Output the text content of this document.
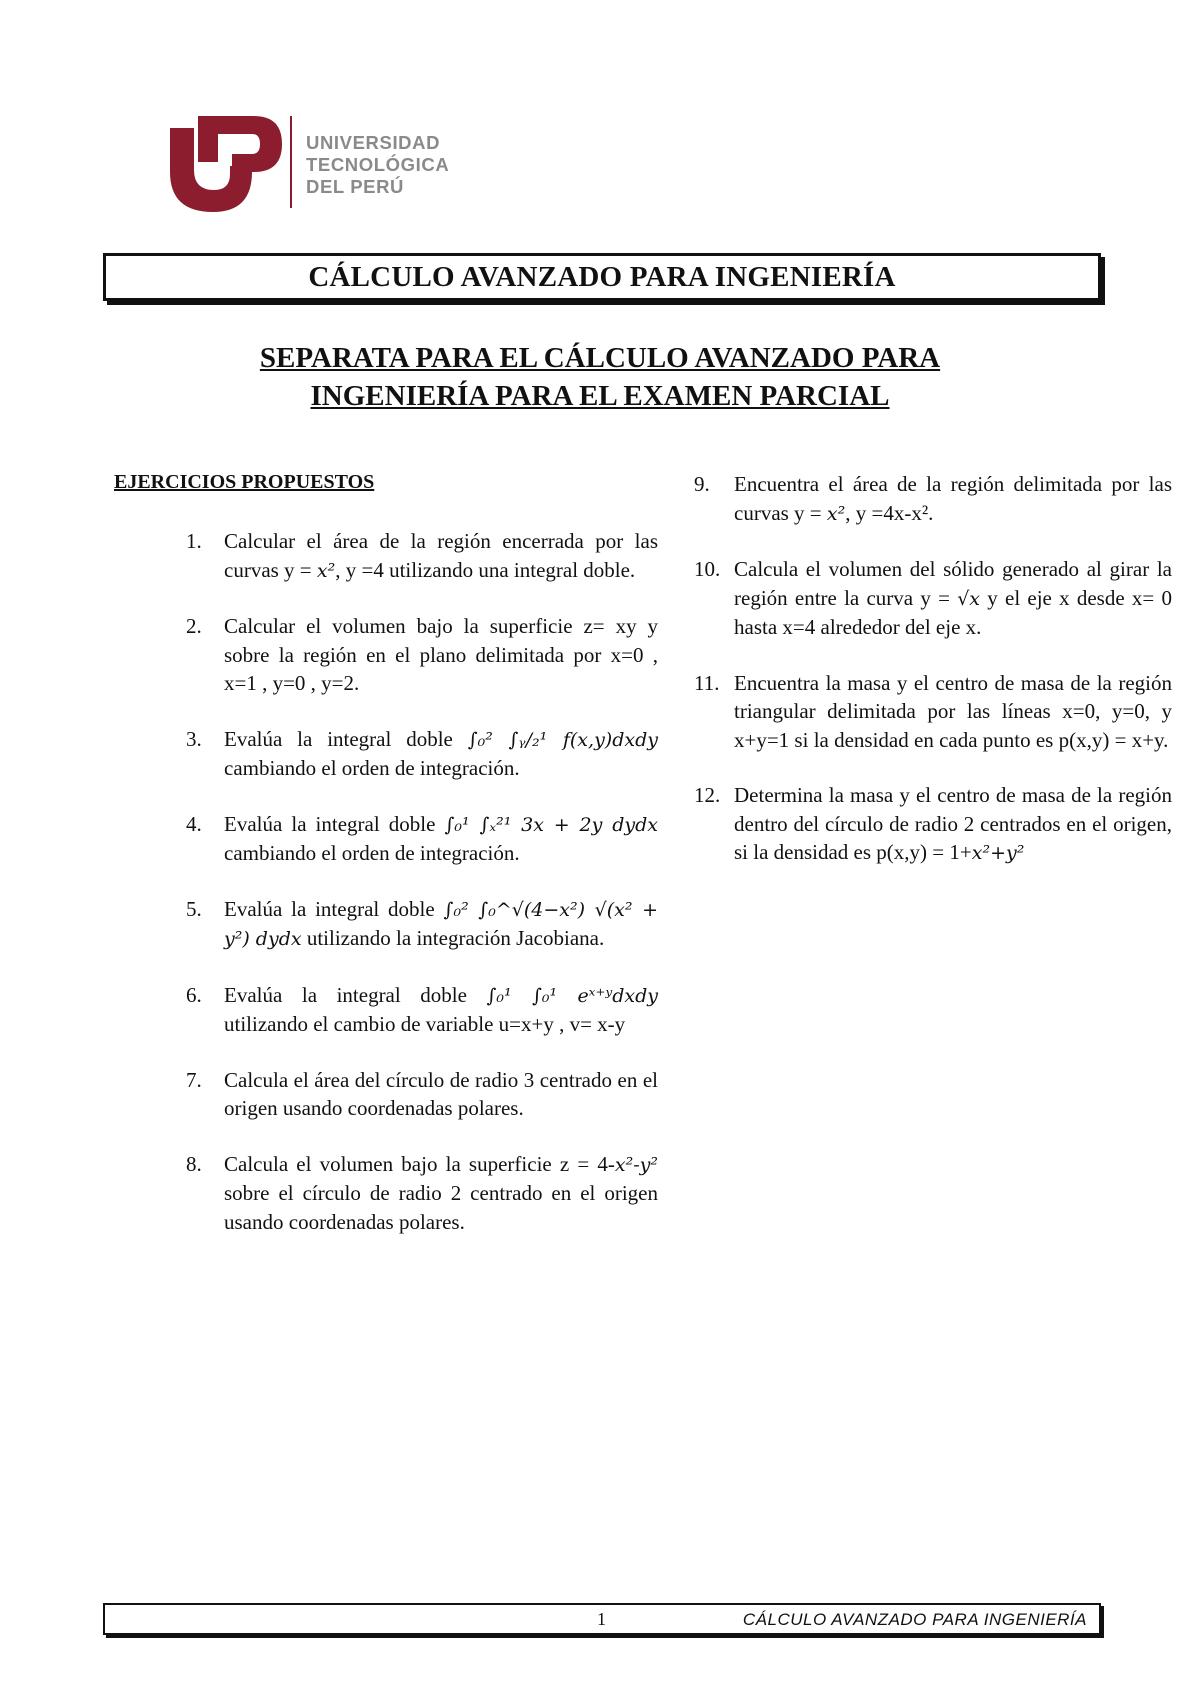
UNIVERSIDAD
TECNOLÓGICA
DEL PERÚ
CÁLCULO AVANZADO PARA INGENIERÍA
SEPARATA PARA EL CÁLCULO AVANZADO PARA
INGENIERÍA PARA EL EXAMEN PARCIAL
EJERCICIOS PROPUESTOS
1.	Calcular el área de la región encerrada por las curvas y = x², y =4 utilizando una integral doble.
2.	Calcular el volumen bajo la superficie z= xy y sobre la región en el plano delimitada por x=0 , x=1 , y=0 , y=2.
3.	Evalúa la integral doble ∫₀² ∫ᵧ/₂¹ f(x,y)dxdy cambiando el orden de integración.
4.	Evalúa la integral doble ∫₀¹ ∫ₓ²¹ 3x + 2y dydx cambiando el orden de integración.
5.	Evalúa la integral doble ∫₀² ∫₀^√(4−x²) √(x² + y²) dydx utilizando la integración Jacobiana.
6.	Evalúa la integral doble ∫₀¹ ∫₀¹ eˣ⁺ʸdxdy utilizando el cambio de variable u=x+y , v= x-y
7.	Calcula el área del círculo de radio 3 centrado en el origen usando coordenadas polares.
8.	Calcula el volumen bajo la superficie z = 4-x²-y² sobre el círculo de radio 2 centrado en el origen usando coordenadas polares.
9.	Encuentra el área de la región delimitada por las curvas y = x², y =4x-x².
10. Calcula el volumen del sólido generado al girar la región entre la curva y = √x y el eje x desde x= 0 hasta x=4 alrededor del eje x.
11. Encuentra la masa y el centro de masa de la región triangular delimitada por las líneas x=0, y=0, y x+y=1 si la densidad en cada punto es p(x,y) = x+y.
12. Determina la masa y el centro de masa de la región dentro del círculo de radio 2 centrados en el origen, si la densidad es p(x,y) = 1+x²+y²
1	CÁLCULO AVANZADO PARA INGENIERÍA
